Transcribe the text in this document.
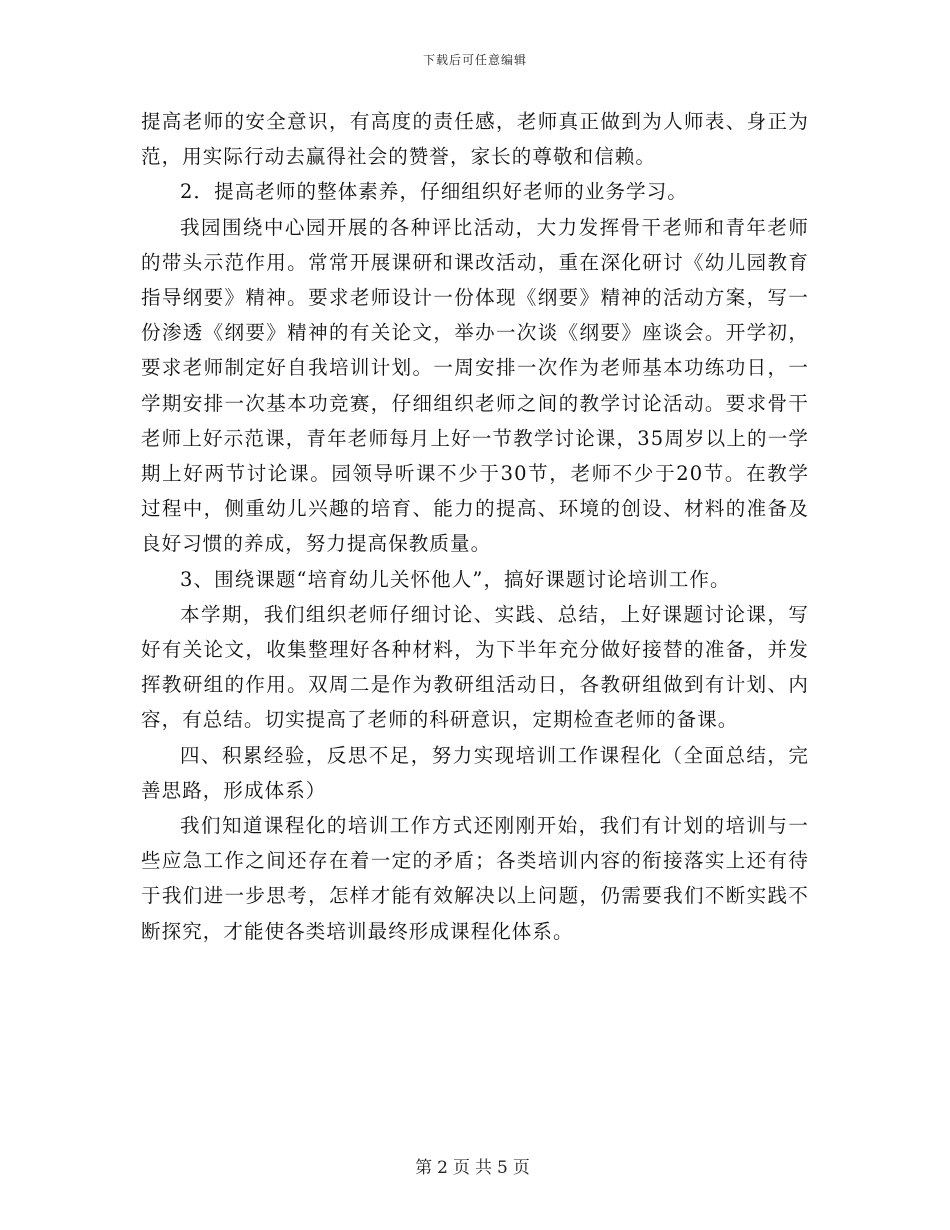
下载后可任意编辑

提高老师的安全意识，有高度的责任感，老师真正做到为人师表、身正为范，用实际行动去赢得社会的赞誉，家长的尊敬和信赖。

2．提高老师的整体素养，仔细组织好老师的业务学习。

我园围绕中心园开展的各种评比活动，大力发挥骨干老师和青年老师的带头示范作用。常常开展课研和课改活动，重在深化研讨《幼儿园教育指导纲要》精神。要求老师设计一份体现《纲要》精神的活动方案，写一份渗透《纲要》精神的有关论文，举办一次谈《纲要》座谈会。开学初，要求老师制定好自我培训计划。一周安排一次作为老师基本功练功日，一学期安排一次基本功竞赛，仔细组织老师之间的教学讨论活动。要求骨干老师上好示范课，青年老师每月上好一节教学讨论课，35周岁以上的一学期上好两节讨论课。园领导听课不少于30节，老师不少于20节。在教学过程中，侧重幼儿兴趣的培育、能力的提高、环境的创设、材料的准备及良好习惯的养成，努力提高保教质量。

3、围绕课题“培育幼儿关怀他人”，搞好课题讨论培训工作。

本学期，我们组织老师仔细讨论、实践、总结，上好课题讨论课，写好有关论文，收集整理好各种材料，为下半年充分做好接替的准备，并发挥教研组的作用。双周二是作为教研组活动日，各教研组做到有计划、内容，有总结。切实提高了老师的科研意识，定期检查老师的备课。

四、积累经验，反思不足，努力实现培训工作课程化（全面总结，完善思路，形成体系）

我们知道课程化的培训工作方式还刚刚开始，我们有计划的培训与一些应急工作之间还存在着一定的矛盾；各类培训内容的衔接落实上还有待于我们进一步思考，怎样才能有效解决以上问题，仍需要我们不断实践不断探究，才能使各类培训最终形成课程化体系。

第 2 页 共 5 页
